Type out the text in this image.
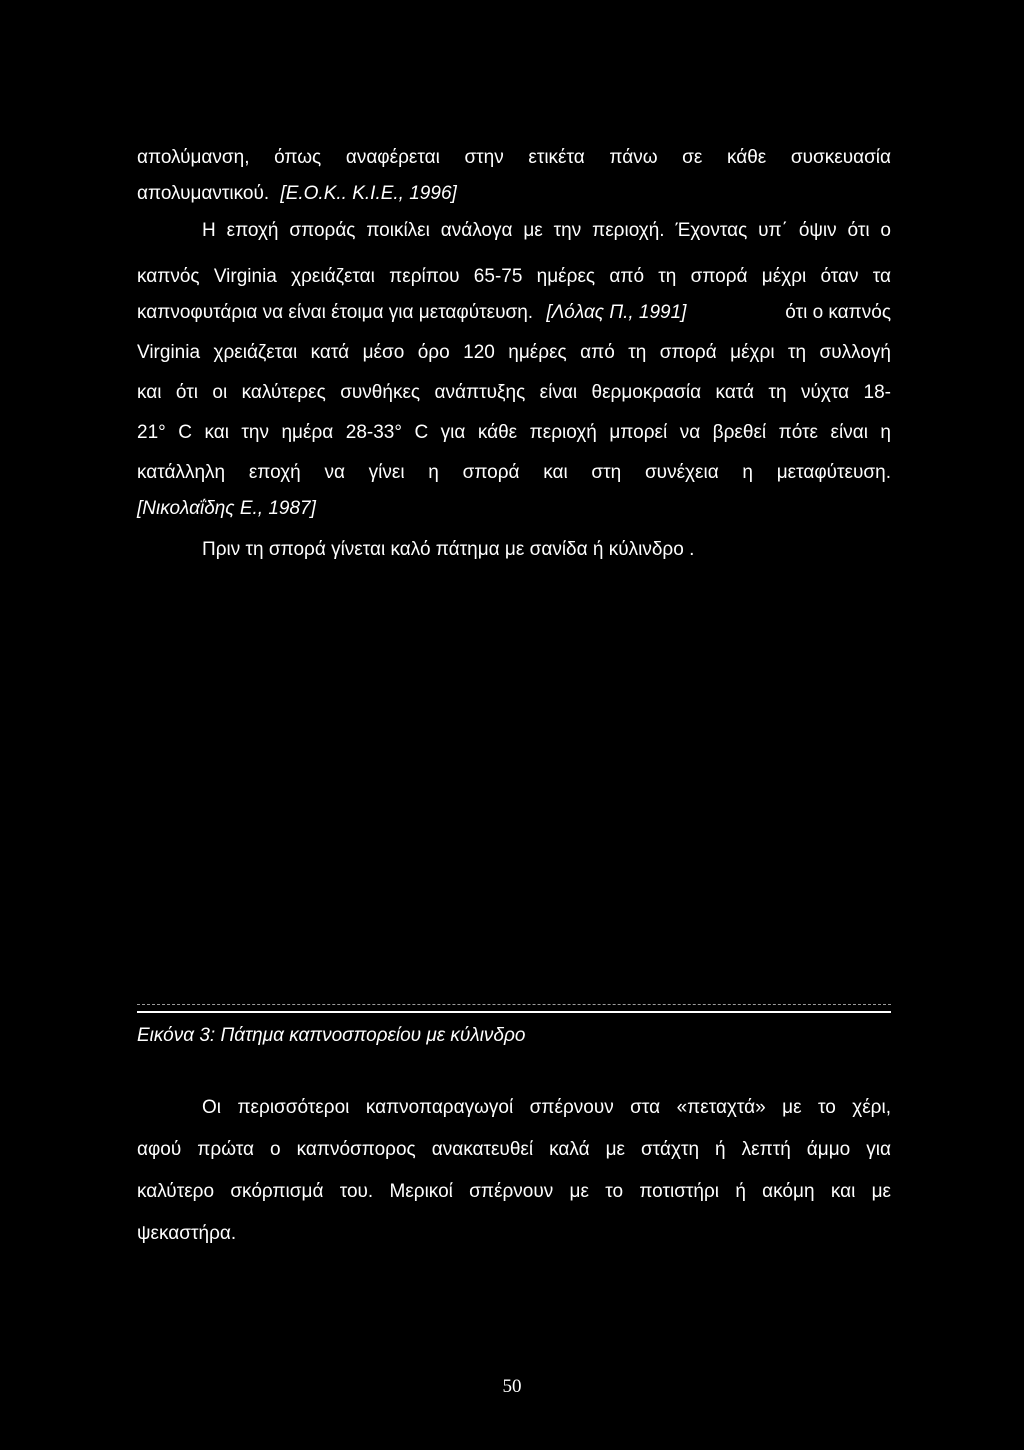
απολύμανση, όπως αναφέρεται στην ετικέτα πάνω σε κάθε συσκευασία
απολυμαντικού. [Ε.Ο.Κ.. Κ.Ι.Ε., 1996]
Η εποχή σποράς ποικίλει ανάλογα με την περιοχή. Έχοντας υπ΄ όψιν ότι ο
καπνός Virginia χρειάζεται περίπου 65-75 ημέρες από τη σπορά μέχρι όταν τα
καπνοφυτάρια να είναι έτοιμα για μεταφύτευση. [Λόλας Π., 1991]	ότι ο καπνός
Virginia χρειάζεται κατά μέσο όρο 120 ημέρες από τη σπορά μέχρι τη συλλογή
και ότι οι καλύτερες συνθήκες ανάπτυξης είναι θερμοκρασία κατά τη νύχτα 18-
21° C και την ημέρα 28-33° C για κάθε περιοχή μπορεί να βρεθεί πότε είναι η
κατάλληλη εποχή να γίνει η σπορά και στη συνέχεια η μεταφύτευση.
[Νικολαΐδης Ε., 1987]
Πριν τη σπορά γίνεται καλό πάτημα με σανίδα ή κύλινδρο .
Εικόνα 3: Πάτημα καπνοσπορείου με κύλινδρο
Οι περισσότεροι καπνοπαραγωγοί σπέρνουν στα «πεταχτά» με το χέρι,
αφού πρώτα ο καπνόσπορος ανακατευθεί καλά με στάχτη ή λεπτή άμμο για
καλύτερο σκόρπισμά του. Μερικοί σπέρνουν με το ποτιστήρι ή ακόμη και με
ψεκαστήρα.
50
